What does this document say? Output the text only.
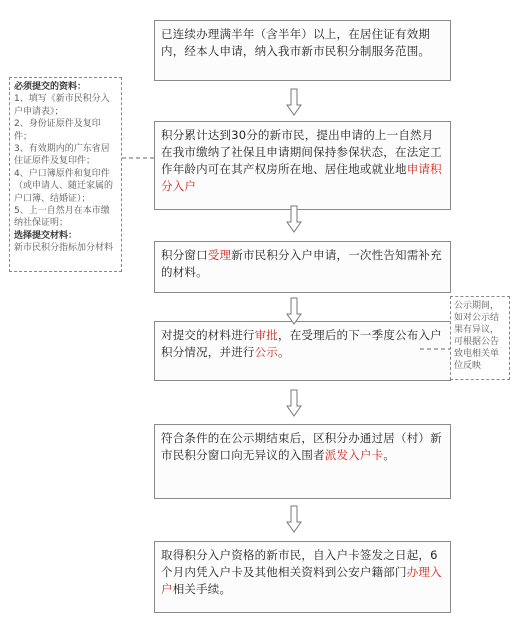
已连续办理满半年（含半年）以上，在居住证有效期内，经本人申请，纳入我市新市民积分制服务范围。
积分累计达到30分的新市民，提出申请的上一自然月在我市缴纳了社保且申请期间保持参保状态，在法定工作年龄内可在其产权房所在地、居住地或就业地申请积分入户
积分窗口受理新市民积分入户申请，一次性告知需补充的材料。
对提交的材料进行审批，在受理后的下一季度公布入户积分情况，并进行公示。
符合条件的在公示期结束后，区积分办通过居（村）新市民积分窗口向无异议的入围者派发入户卡。
取得积分入户资格的新市民，自入户卡签发之日起，6个月内凭入户卡及其他相关资料到公安户籍部门办理入户相关手续。
必须提交的资料：
1、填写《新市民积分入户申请表》；
2、身份证原件及复印件；
3、有效期内的广东省居住证原件及复印件；
4、户口簿原件和复印件（或申请人、随迁家属的户口簿、结婚证）；
5、上一自然月在本市缴纳社保证明；
选择提交材料：
新市民积分指标加分材料
公示期间，如对公示结果有异议，可根据公告致电相关单位反映
